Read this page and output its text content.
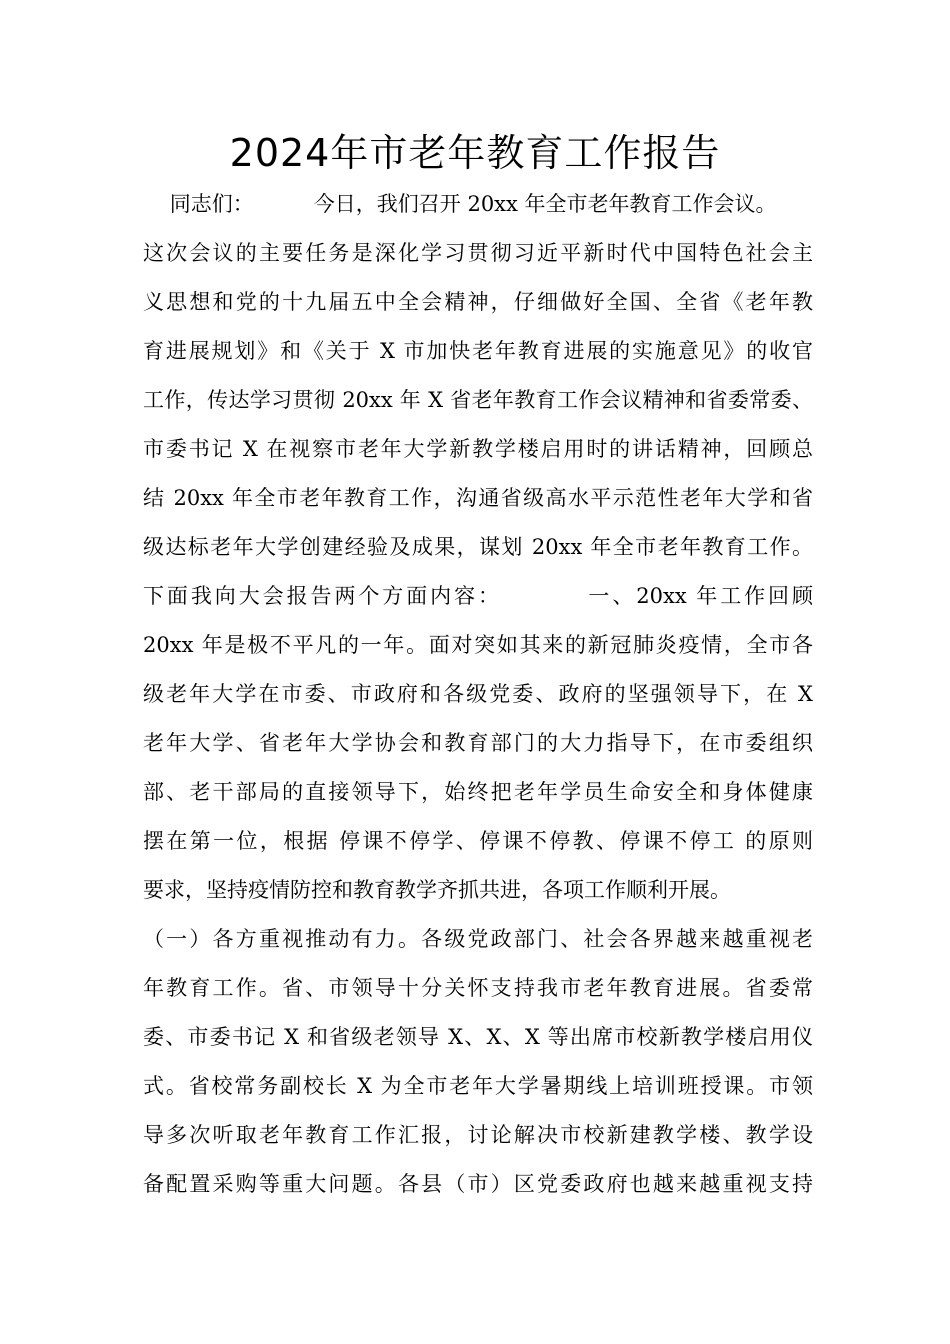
2024年市老年教育工作报告
同志们：         今日，我们召开 20xx 年全市老年教育工作会议。
这次会议的主要任务是深化学习贯彻习近平新时代中国特色社会主
义思想和党的十九届五中全会精神，仔细做好全国、全省《老年教
育进展规划》和《关于 X 市加快老年教育进展的实施意见》的收官
工作，传达学习贯彻 20xx 年 X 省老年教育工作会议精神和省委常委、
市委书记 X 在视察市老年大学新教学楼启用时的讲话精神，回顾总
结 20xx 年全市老年教育工作，沟通省级高水平示范性老年大学和省
级达标老年大学创建经验及成果，谋划 20xx 年全市老年教育工作。
下面我向大会报告两个方面内容：         一、20xx 年工作回顾
20xx 年是极不平凡的一年。面对突如其来的新冠肺炎疫情，全市各
级老年大学在市委、市政府和各级党委、政府的坚强领导下，在 X
老年大学、省老年大学协会和教育部门的大力指导下，在市委组织
部、老干部局的直接领导下，始终把老年学员生命安全和身体健康
摆在第一位，根据 停课不停学、停课不停教、停课不停工 的原则
要求，坚持疫情防控和教育教学齐抓共进，各项工作顺利开展。
（一）各方重视推动有力。各级党政部门、社会各界越来越重视老
年教育工作。省、市领导十分关怀支持我市老年教育进展。省委常
委、市委书记 X 和省级老领导 X、X、X 等出席市校新教学楼启用仪
式。省校常务副校长 X 为全市老年大学暑期线上培训班授课。市领
导多次听取老年教育工作汇报，讨论解决市校新建教学楼、教学设
备配置采购等重大问题。各县（市）区党委政府也越来越重视支持
